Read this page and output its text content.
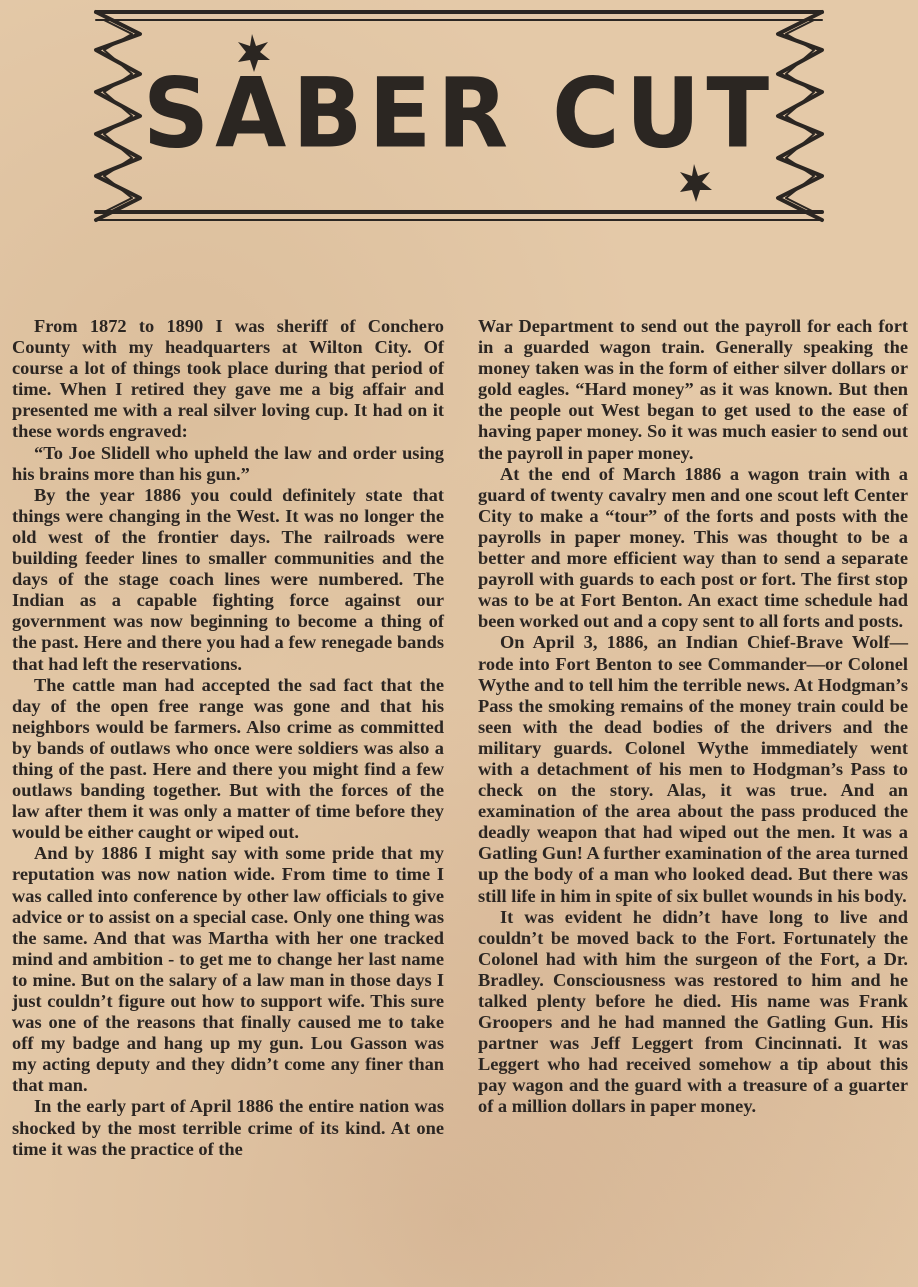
SABER CUT

From 1872 to 1890 I was sheriff of Conchero County with my headquarters at Wilton City. Of course a lot of things took place during that period of time. When I retired they gave me a big affair and presented me with a real silver loving cup. It had on it these words engraved:

“To Joe Slidell who upheld the law and order using his brains more than his gun.”

By the year 1886 you could definitely state that things were changing in the West. It was no longer the old west of the frontier days. The railroads were building feeder lines to smaller communities and the days of the stage coach lines were numbered. The Indian as a capable fighting force against our government was now beginning to become a thing of the past. Here and there you had a few renegade bands that had left the reservations.

The cattle man had accepted the sad fact that the day of the open free range was gone and that his neighbors would be farmers. Also crime as committed by bands of outlaws who once were soldiers was also a thing of the past. Here and there you might find a few outlaws banding together. But with the forces of the law after them it was only a matter of time before they would be either caught or wiped out.

And by 1886 I might say with some pride that my reputation was now nation wide. From time to time I was called into conference by other law officials to give advice or to assist on a special case. Only one thing was the same. And that was Martha with her one tracked mind and ambition - to get me to change her last name to mine. But on the salary of a law man in those days I just couldn’t figure out how to support wife. This sure was one of the reasons that finally caused me to take off my badge and hang up my gun. Lou Gasson was my acting deputy and they didn’t come any finer than that man.

In the early part of April 1886 the entire nation was shocked by the most terrible crime of its kind. At one time it was the practice of the

War Department to send out the payroll for each fort in a guarded wagon train. Generally speaking the money taken was in the form of either silver dollars or gold eagles. “Hard money” as it was known. But then the people out West began to get used to the ease of having paper money. So it was much easier to send out the payroll in paper money.

At the end of March 1886 a wagon train with a guard of twenty cavalry men and one scout left Center City to make a “tour” of the forts and posts with the payrolls in paper money. This was thought to be a better and more efficient way than to send a separate payroll with guards to each post or fort. The first stop was to be at Fort Benton. An exact time schedule had been worked out and a copy sent to all forts and posts.

On April 3, 1886, an Indian Chief-Brave Wolf—rode into Fort Benton to see Commander—or Colonel Wythe and to tell him the terrible news. At Hodgman’s Pass the smoking remains of the money train could be seen with the dead bodies of the drivers and the military guards. Colonel Wythe immediately went with a detachment of his men to Hodgman’s Pass to check on the story. Alas, it was true. And an examination of the area about the pass produced the deadly weapon that had wiped out the men. It was a Gatling Gun! A further examination of the area turned up the body of a man who looked dead. But there was still life in him in spite of six bullet wounds in his body.

It was evident he didn’t have long to live and couldn’t be moved back to the Fort. Fortunately the Colonel had with him the surgeon of the Fort, a Dr. Bradley. Consciousness was restored to him and he talked plenty before he died. His name was Frank Groopers and he had manned the Gatling Gun. His partner was Jeff Leggert from Cincinnati. It was Leggert who had received somehow a tip about this pay wagon and the guard with a treasure of a guarter of a million dollars in paper money.
